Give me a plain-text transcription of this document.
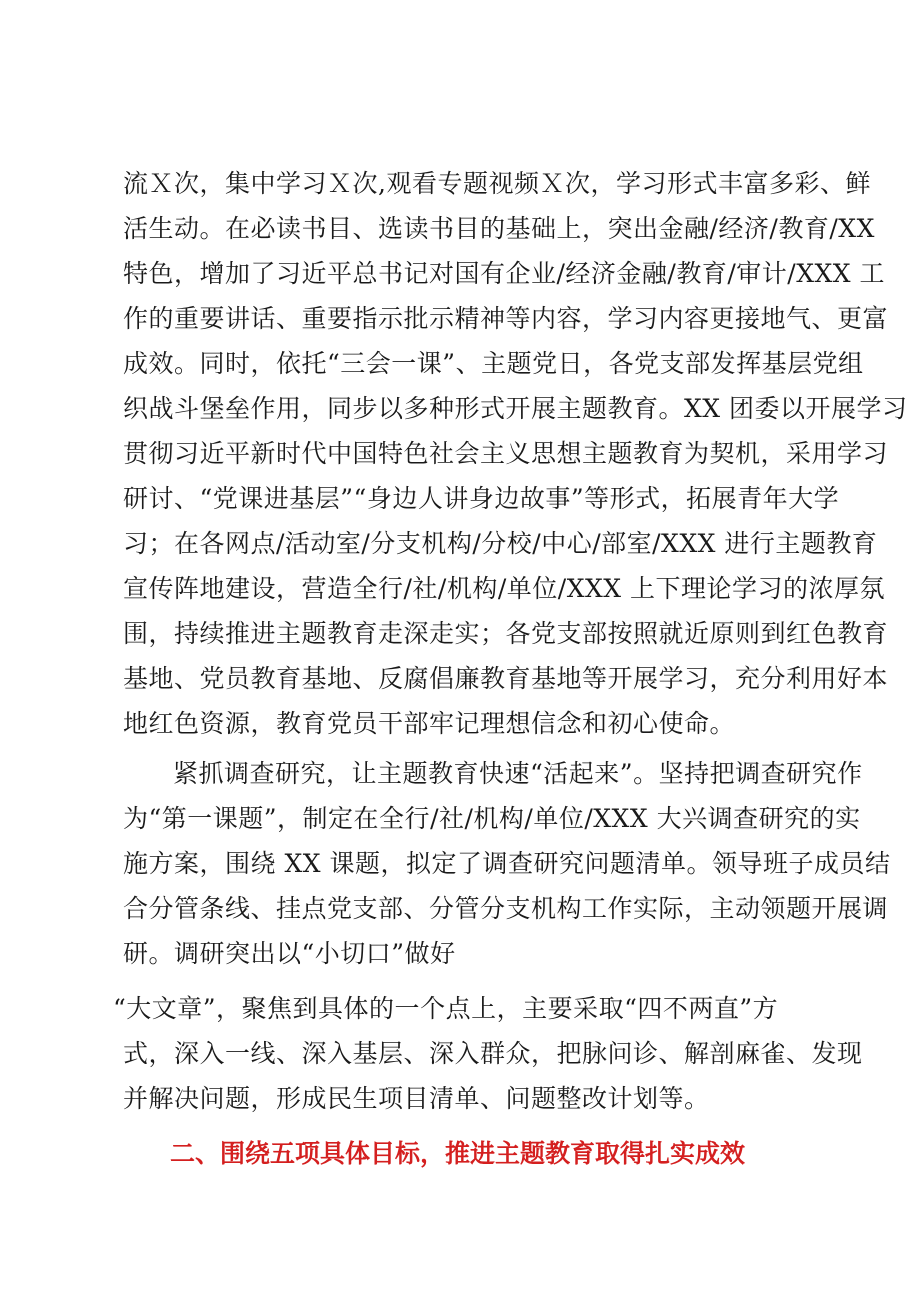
流Ｘ次，集中学习Ｘ次,观看专题视频Ｘ次，学习形式丰富多彩、鲜
活生动。在必读书目、选读书目的基础上，突出金融/经济/教育/XX
特色，增加了习近平总书记对国有企业/经济金融/教育/审计/XXX 工
作的重要讲话、重要指示批示精神等内容，学习内容更接地气、更富
成效。同时，依托“三会一课”、主题党日，各党支部发挥基层党组
织战斗堡垒作用，同步以多种形式开展主题教育。XX 团委以开展学习
贯彻习近平新时代中国特色社会主义思想主题教育为契机，采用学习
研讨、“党课进基层”“身边人讲身边故事”等形式，拓展青年大学
习；在各网点/活动室/分支机构/分校/中心/部室/XXX 进行主题教育
宣传阵地建设，营造全行/社/机构/单位/XXX 上下理论学习的浓厚氛
围，持续推进主题教育走深走实；各党支部按照就近原则到红色教育
基地、党员教育基地、反腐倡廉教育基地等开展学习，充分利用好本
地红色资源，教育党员干部牢记理想信念和初心使命。
紧抓调查研究，让主题教育快速“活起来”。坚持把调查研究作
为“第一课题”，制定在全行/社/机构/单位/XXX 大兴调查研究的实
施方案，围绕 XX 课题，拟定了调查研究问题清单。领导班子成员结
合分管条线、挂点党支部、分管分支机构工作实际，主动领题开展调
研。调研突出以“小切口”做好
“大文章”，聚焦到具体的一个点上，主要采取“四不两直”方
式，深入一线、深入基层、深入群众，把脉问诊、解剖麻雀、发现
并解决问题，形成民生项目清单、问题整改计划等。
二、围绕五项具体目标，推进主题教育取得扎实成效
